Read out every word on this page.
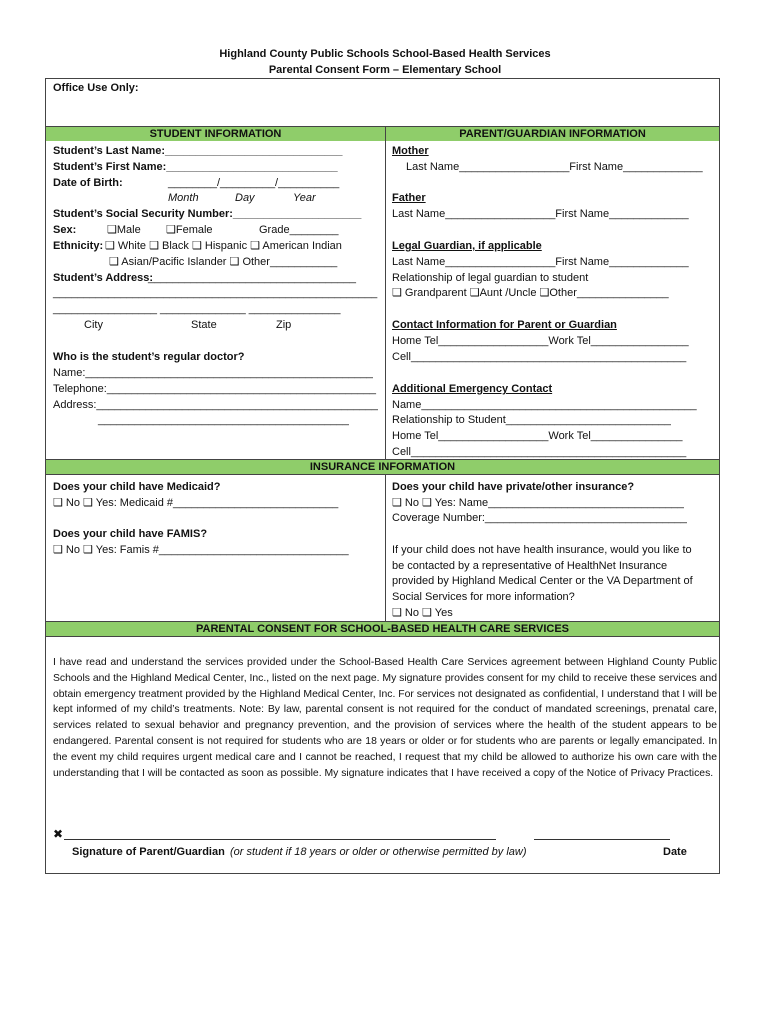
Highland County Public Schools School-Based Health Services
Parental Consent Form – Elementary School
Office Use Only:
STUDENT INFORMATION	PARENT/GUARDIAN INFORMATION
INSURANCE INFORMATION
PARENTAL CONSENT FOR SCHOOL-BASED HEALTH CARE SERVICES
Student’s Last Name:_____________________________
Student’s First Name:____________________________
Date of Birth:	________/_________/__________
Month	Day	Year
Student’s Social Security Number:_____________________
Sex:	❑Male ❑Female	Grade________
Ethnicity: ❑ White ❑ Black ❑ Hispanic ❑ American Indian
❑ Asian/Pacific Islander ❑ Other___________
Student’s Address:
__________________________________
_____________________________________________________
_________________ ______________ _______________
City	State	Zip
Who is the student’s regular doctor?
Name:_______________________________________________
Telephone:____________________________________________
Address:______________________________________________
_________________________________________
Mother
Last Name__________________First Name_____________
Father
Last Name__________________First Name_____________
Legal Guardian, if applicable
Last Name__________________First Name_____________
Relationship of legal guardian to student
❑ Grandparent ❑Aunt /Uncle ❑Other_______________
Contact Information for Parent or Guardian
Home Tel__________________Work Tel________________
Cell_____________________________________________
Additional Emergency Contact
Name_____________________________________________
Relationship to Student___________________________
Home Tel__________________Work Tel_______________
Cell_____________________________________________
Does your child have Medicaid?
❑ No ❑ Yes: Medicaid #___________________________
Does your child have FAMIS?
❑ No ❑ Yes: Famis #_______________________________
Does your child have private/other insurance?
❑ No ❑ Yes: Name________________________________
Coverage Number:_________________________________
If your child does not have health insurance, would you like to
be contacted by a representative of HealthNet Insurance
provided by Highland Medical Center or the VA Department of
Social Services for more information?
❑ No ❑ Yes
I have read and understand the services provided under the School-Based Health Care Services agreement between Highland County Public Schools and the Highland Medical Center, Inc., listed on the next page. My signature provides consent for my child to receive these services and obtain emergency treatment provided by the Highland Medical Center, Inc. For services not designated as confidential, I understand that I will be kept informed of my child’s treatments. Note: By law, parental consent is not required for the conduct of mandated screenings, prenatal care, services related to sexual behavior and pregnancy prevention, and the provision of services where the health of the student appears to be endangered. Parental consent is not required for students who are 18 years or older or for students who are parents or legally emancipated. In the event my child requires urgent medical care and I cannot be reached, I request that my child be allowed to authorize his own care with the understanding that I will be contacted as soon as possible. My signature indicates that I have received a copy of the Notice of Privacy Practices.
✖
Signature of Parent/Guardian (or student if 18 years or older or otherwise permitted by law)	Date
